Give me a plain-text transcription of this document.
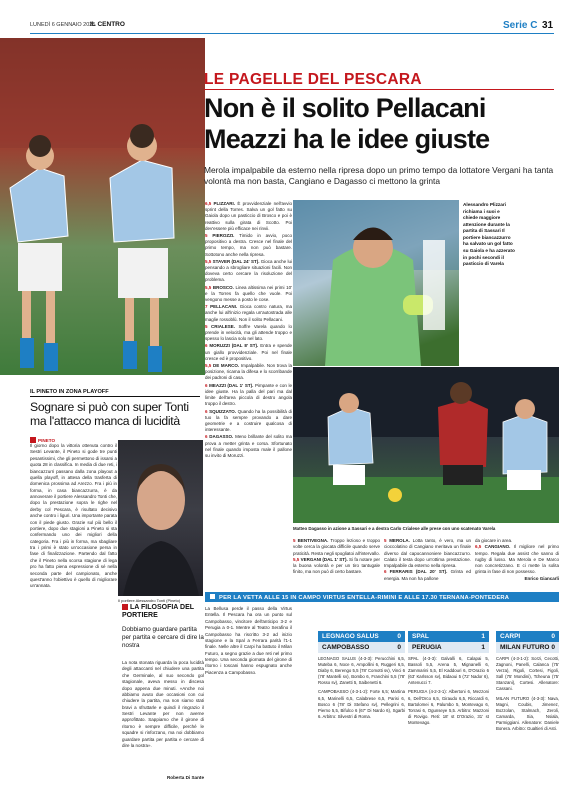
LUNEDÌ 6 GENNAIO 2025
IL CENTRO	Serie C 31
LE PAGELLE DEL PESCARA
Non è il solito Pellacani
Meazzi ha le idee giuste
Merola impalpabile da esterno nella ripresa dopo un primo tempo da lottatore Vergani ha tanta volontà ma non basta, Cangiano e Dagasso ci mettono la grinta

6,5 PLIZZARI. È provvidenziale nell'avvio sprint della Torres. Salva un gol fatto su Gaiola dopo un pasticcio di Brosco e poi è reattivo sulla girata di Scotto. Poi dev'essere più efficace nei rinvii.

5 PIEROZZI. Timido in avvio, poco propositivo a destra. Cresce nel finale del primo tempo, ma non può bastare. Sottotono anche nella ripresa.

5,5 STAVER (DAL 24' ST). Gioca anche lui pensando a sbrogliare situazioni facili. Non doveva certo cercare la risoluzione del problema.

5,5 BROSCO. Linea altissima nei primi 10' e la Torres fa quello che vuole. Poi vengono messe a posto le cose.

7 PELLACANI. Gioca contro natura, ma anche lui all'inizio regala un'autostrada alle maglie rossoblù. Non il solito Pellacani.

5 CRIALESE. Soffre Varela quando lo prende in velocità, ma gli attende troppo e spesso lo lascia solo nel lato.

6 MORUZZI (DAL 8' ST). Entra e spende un giallo provvidenziale. Poi nel finale cresce ed è propositivo.

5,5 DE MARCO. Impalpabile. Non trova la posizione, ricama la difesa e lo scorribande dei padroni di casa.

6 MEAZZI (DAL 1' ST). Pimpante e con le idee giuste. Ha la palla del pari ma dal limite dell'area piccola di destro angola troppo il destro.

6 SQUIZZATO. Quando ha la possibilità di tuo la fa sempre provando a dare geometrie e a costruire qualcosa di interessante.

6 DAGASSO. Meno brillante del solito ma prova a metter grinta e corsa. Sfortunato nel finale quando imposta male il pallone su invito di Moruzzi.

Alessandro Plizzari richiama i suoi e chiede maggiore attenzione durante la partita di Sassari Il portiere biancazzurro ha salvato un gol fatto su Gaiola e ha azzerato in pochi secondi il pasticcio di Varela
Matteo Dagasso in azione a Sassari e a destra Carlo Crialese alle prese con uno scatenato Varela

5 BENTIVEGNA. Troppo lezioso e troppo volte cerca la giocata difficile quando serve praticità. Resta negli spogliatoi all'intervallo.

5,5 VERGANI (DAL 1' ST). Si fa notare per la buona volontà e per un tiro tantugale finito, ma non può di certo bastare.

5 MEROLA. Lotta tanto, è vero, ma un cioccolatino di Cangiano meritava un finale diverso dal capocannoniere biancazzurro. Calato il testa dopo un'ottima prestazione. Impalpabile da esterno nella ripresa.

6 FERRARIS (DAL 20' ST). Grinta ed energia. Ma non ha pallone

da giocare in area.

6,5 CANGIANO. Il migliore nel primo tempo. Regala due assist che sanno di rugby di lusso. Ma Merola e De Marco non concretizzano. E ci mette la solita grinta in fase di non possesso.

Enrico Giancarli

IL PINETO IN ZONA PLAYOFF
Sognare si può con super Tonti ma l'attacco manca di lucidità
PINETO
Il giorno dopo la vittoria ottenuta contro il Sestri Levante, il Pineto si gode tre punti pesantissimi, che gli permettono di issarsi a quota 28 in classifica. In media di due reti, i biancazzurri passano dalla zona playout a quella playoff, in attesa della trasferta di domenica prossima ad Arezzo. Fra i più in forma, in casa biancazzurra, è da annoverare il portiere Alessandro Tonti che, dopo la prestazione sopra le righe nel derby col Pescara, è risultato decisivo anche contro i liguri. Una importante parata con il piede giusto. Grazie sul più bello il portiere, dopo due stagioni a Pineto si sta confermando uno dei migliori della categoria. Fra i più in forma, ma sbagliare tra i primi è stato un'occasione persa in fase di finalizzazione. Partendo dal fatto che il Pineto nella scorsa stagione di lega pro ha fatto piena espressione di sé nella seconda parte del campionato, anche quest'anno l'obiettivo è quello di migliorare un'annata.
Il portiere Alessandro Tonti (Pineto)
LA FILOSOFIA DEL PORTIERE
Dobbiamo guardare partita per partita e cercare di dire la nostra
La nota stonata riguarda la poca lucidità degli attaccanti nel chiudere una partita che Germinale, al suo secondo gol stagionale, aveva messo in discesa dopo appena due minuti. «Anche noi abbiamo avuto due occasioni con cui chiudere la partita, ma non siamo stati bravi a sfruttarle e quindi il ringrazio il Sestri Levante per non averne approfittato. Sappiamo che il girone di ritorno è sempre difficile, perché le squadre si rinforzano, ma noi dobbiamo guardare partita per partita e cercare di dire la nostra».
Roberta Di Sante
PER LA VETTA ALLE 15 IN CAMPO VIRTUS ENTELLA-RIMINI E ALLE 17.30 TERNANA-PONTEDERA
La Bellusa perde il passo della Virtus Entella. Il Pescara ha ora un punto sul Campobasso, vincitore dell'anticipo 3-2 e Perugia a 0-1. Mentre al Teatro Serafino il Campobasso ha riscritto 3-2 ad inizio stagione e la Spal a Ferrara parità l'1-1 finale. Nelle altre il Carpi ha battuto il Milan Futuro, a segno grazie a due reti nel primo tempo. Una seconda giornata del girone di ritorno i toscani hanno espugnato anche Piacenza a Campobasso.
LEGNAGO SALUS	0
CAMPOBASSO	0
LEGNAGO SALUS (4-3-3): Perucchini 6,5, Muteba 6, Noce 6, Ampollini 6, Ruggeri 6,5, Diaby 6, Berengo 5,5 (78' Comotti sv), Vinci 6 (78' Mantelli sv), Bombo 6, Franchini 5,5 (78' Rosso sv), Zanetti 5, Saibenetti 6.
CAMPOBASSO (4-3-1-2): Forte 6,5; Martina 6,5, Marinelli 6,5, Calabrese 6,5, Parisi 6, Bosco 6 (78' Di Stefano sv), Pellegrini 6, Pierno 5,5, Bifulco 6 (67' Di Nardo 6), Sgarbi 6. Arbitro: Silvestri di Roma.
SPAL	1
PERUGIA	1
SPAL (4-3-3): Galvalli 6, Calapai 5, Bassoli 5,5, Arena 5, Mignanelli 6, Zammarini 5,5, El Kaddouri 6, D'Orazio 6 (63' Karlsson sv), Bidaoui 5 (72' Nador 6), Antenucci 7.
PERUGIA (4-2-3-1): Albertoni 6, Mezzoni 6, Dell'Orco 6,5, Giraudo 6,5, Riccardi 6, Bartolomei 6, Palumbo 5, Montevago 6, Torrasi 6, Ogunseye 5,5. Arbitro: Mazzoni di Rovigo. Reti: 18' st D'Orazio, 31' st Montevago.
CARPI	0
MILAN FUTURO 0
CARPI (4-3-1-2): Sorzi, Cecotti, Zagnoni, Panelli, Calanca (75' Verza), Rigoli, Cortesi, Figoli, Sall (75' Mondini), Tcheuna (75' Stanzani), Cortesi. Allenatore: Cassani.
MILAN FUTURO (4-3-3): Nava, Magni, Coubis, Jimenez, Bozzolan, Stalmach, Zeroli, Camarda, Sia, Nsiala, Parmiggiani. Allenatore: Daniele Bonera. Arbitro: Gualtieri di Asti.
